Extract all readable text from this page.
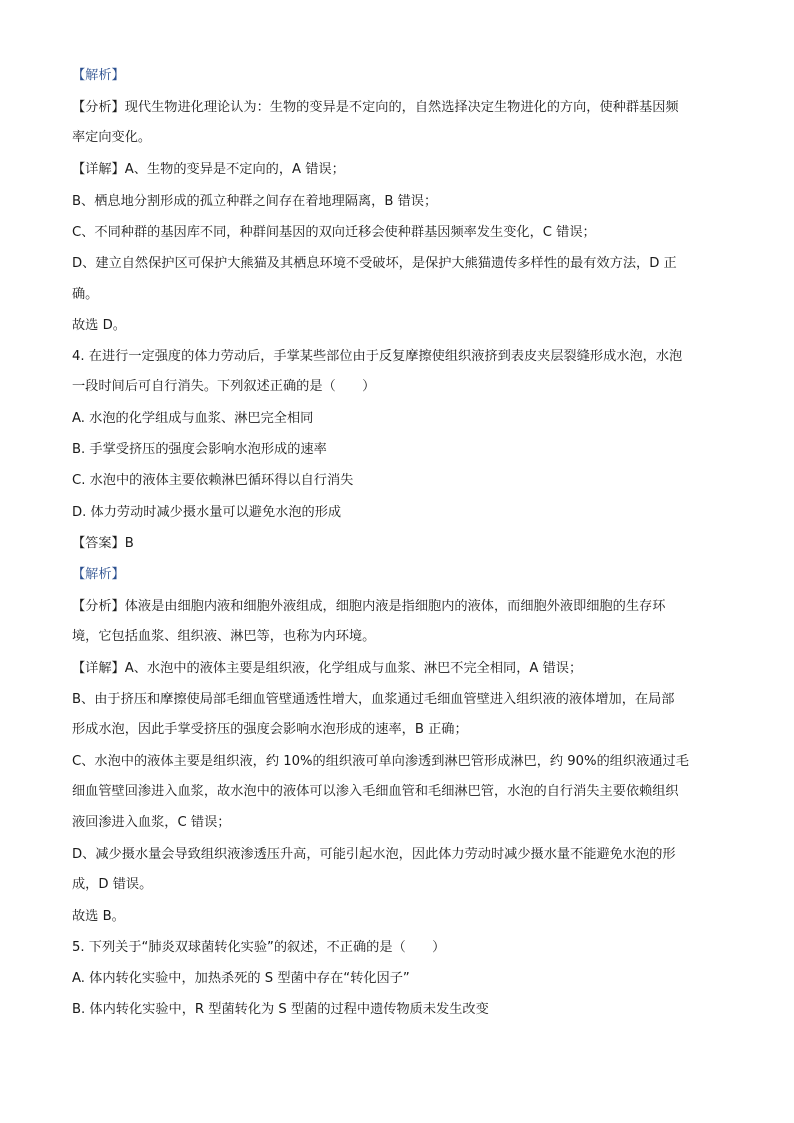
【解析】
【分析】现代生物进化理论认为：生物的变异是不定向的，自然选择决定生物进化的方向，使种群基因频
率定向变化。
【详解】A、生物的变异是不定向的，A 错误；
B、栖息地分割形成的孤立种群之间存在着地理隔离，B 错误；
C、不同种群的基因库不同，种群间基因的双向迁移会使种群基因频率发生变化，C 错误；
D、建立自然保护区可保护大熊猫及其栖息环境不受破坏，是保护大熊猫遗传多样性的最有效方法，D 正
确。
故选 D。
4. 在进行一定强度的体力劳动后，手掌某些部位由于反复摩擦使组织液挤到表皮夹层裂缝形成水泡，水泡
一段时间后可自行消失。下列叙述正确的是（　　）
A. 水泡的化学组成与血浆、淋巴完全相同
B. 手掌受挤压的强度会影响水泡形成的速率
C. 水泡中的液体主要依赖淋巴循环得以自行消失
D. 体力劳动时减少摄水量可以避免水泡的形成
【答案】B
【解析】
【分析】体液是由细胞内液和细胞外液组成，细胞内液是指细胞内的液体，而细胞外液即细胞的生存环
境，它包括血浆、组织液、淋巴等，也称为内环境。
【详解】A、水泡中的液体主要是组织液，化学组成与血浆、淋巴不完全相同，A 错误；
B、由于挤压和摩擦使局部毛细血管壁通透性增大，血浆通过毛细血管壁进入组织液的液体增加，在局部
形成水泡，因此手掌受挤压的强度会影响水泡形成的速率，B 正确；
C、水泡中的液体主要是组织液，约 10%的组织液可单向渗透到淋巴管形成淋巴，约 90%的组织液通过毛
细血管壁回渗进入血浆，故水泡中的液体可以渗入毛细血管和毛细淋巴管，水泡的自行消失主要依赖组织
液回渗进入血浆，C 错误；
D、减少摄水量会导致组织液渗透压升高，可能引起水泡，因此体力劳动时减少摄水量不能避免水泡的形
成，D 错误。
故选 B。
5. 下列关于“肺炎双球菌转化实验”的叙述，不正确的是（　　）
A. 体内转化实验中，加热杀死的 S 型菌中存在“转化因子”
B. 体内转化实验中，R 型菌转化为 S 型菌的过程中遗传物质未发生改变
